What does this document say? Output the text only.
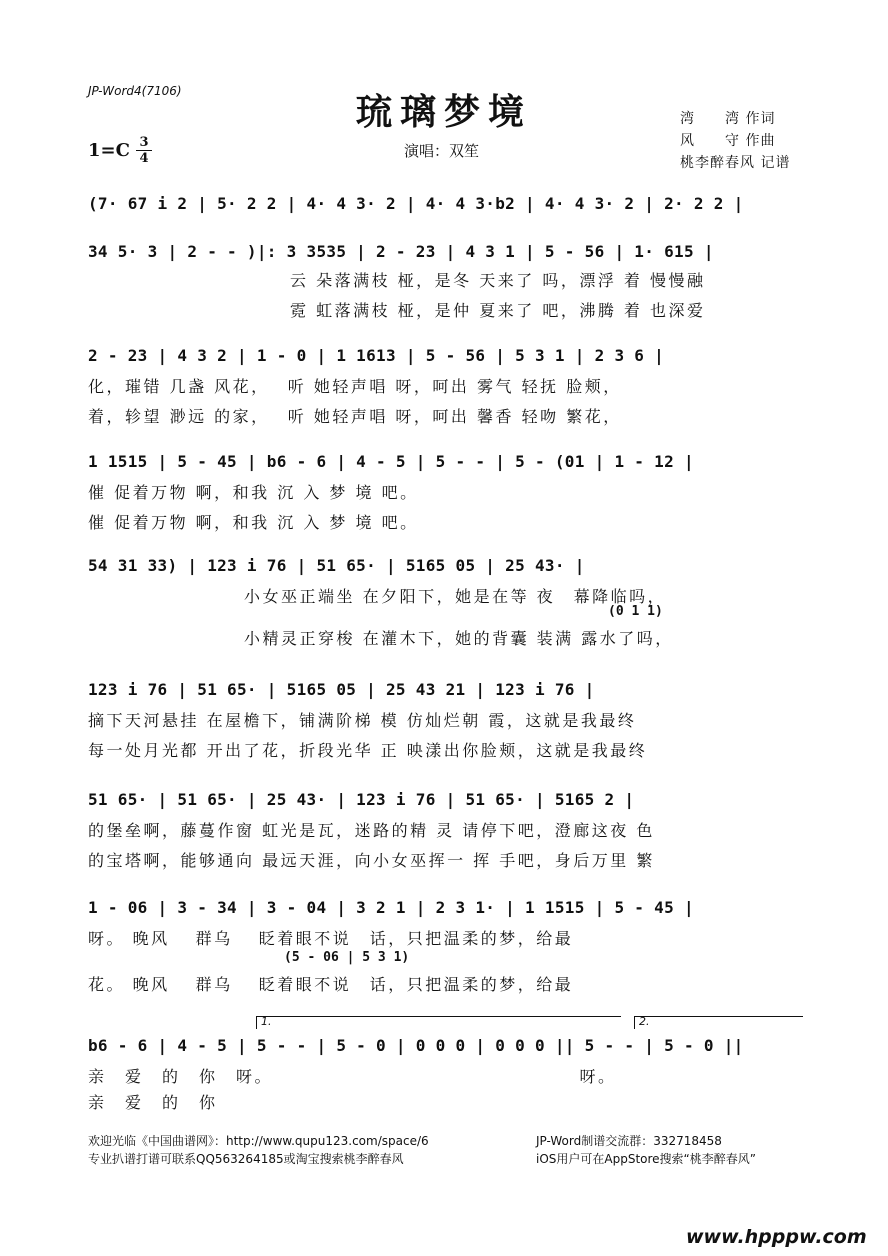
JP-Word4(7106)	琉璃梦境
1=C 3
4	演唱：双笙
湾　　湾 作词
风　　守 作曲
桃李醉春风 记谱
(7· 67 i 2 | 5· 2 2 | 4· 4 3· 2 | 4· 4 3·b2 | 4· 4 3· 2 | 2· 2 2 |
34 5· 3 | 2 - - )|: 3 3535 | 2 - 23 | 4 3 1 | 5 - 56 | 1· 615 |
云 朵落满枝 桠，是冬 天来了 吗，漂浮 着 慢慢融
霓 虹落满枝 桠，是仲 夏来了 吧，沸腾 着 也深爱
2 - 23 | 4 3 2 | 1 - 0 | 1 1613 | 5 - 56 | 5 3 1 | 2 3 6 |
化，璀错 几盏 风花，　 听 她轻声唱 呀，呵出 雾气 轻抚 脸颊，
着，轸望 渺远 的家，　 听 她轻声唱 呀，呵出 馨香 轻吻 繁花，
1 1515 | 5 - 45 | b6 - 6 | 4 - 5 | 5 - - | 5 - (01 | 1 - 12 |
催 促着万物 啊，和我 沉 入 梦 境 吧。
催 促着万物 啊，和我 沉 入 梦 境 吧。
54 31 33) | 123 i 76 | 51 65· | 5165 05 | 25 43· |
小女巫正端坐 在夕阳下，她是在等 夜　幕降临吗，
(0 1 1)
小精灵正穿梭 在灌木下，她的背囊 装满 露水了吗，
123 i 76 | 51 65· | 5165 05 | 25 43 21 | 123 i 76 |
摘下天河悬挂 在屋檐下，铺满阶梯 模 仿灿烂朝 霞，这就是我最终
每一处月光都 开出了花，折段光华 正 映漾出你脸颊，这就是我最终
51 65· | 51 65· | 25 43· | 123 i 76 | 51 65· | 5165 2 |
的堡垒啊，藤蔓作窗 虹光是瓦，迷路的精 灵 请停下吧，澄廊这夜 色
的宝塔啊，能够通向 最远天涯，向小女巫挥一 挥 手吧，身后万里 繁
1 - 06 | 3 - 34 | 3 - 04 | 3 2 1 | 2 3 1· | 1 1515 | 5 - 45 |
呀。 晚风　 群乌　 眨着眼不说　话，只把温柔的梦，给最
(5 - 06 | 5 3 1)
花。 晚风　 群乌　 眨着眼不说　话，只把温柔的梦，给最
1.	2.
b6 - 6 | 4 - 5 | 5 - - | 5 - 0 | 0 0 0 | 0 0 0 || 5 - - | 5 - 0 ||
亲　爱　的　你　呀。　　　　　　　　　　　　　　　　　呀。
亲　爱　的　你
欢迎光临《中国曲谱网》：http://www.qupu123.com/space/6	JP-Word制谱交流群：332718458
专业扒谱打谱可联系QQ563264185或淘宝搜索桃李醉春风	iOS用户可在AppStore搜索“桃李醉春风”
www.hpppw.com
